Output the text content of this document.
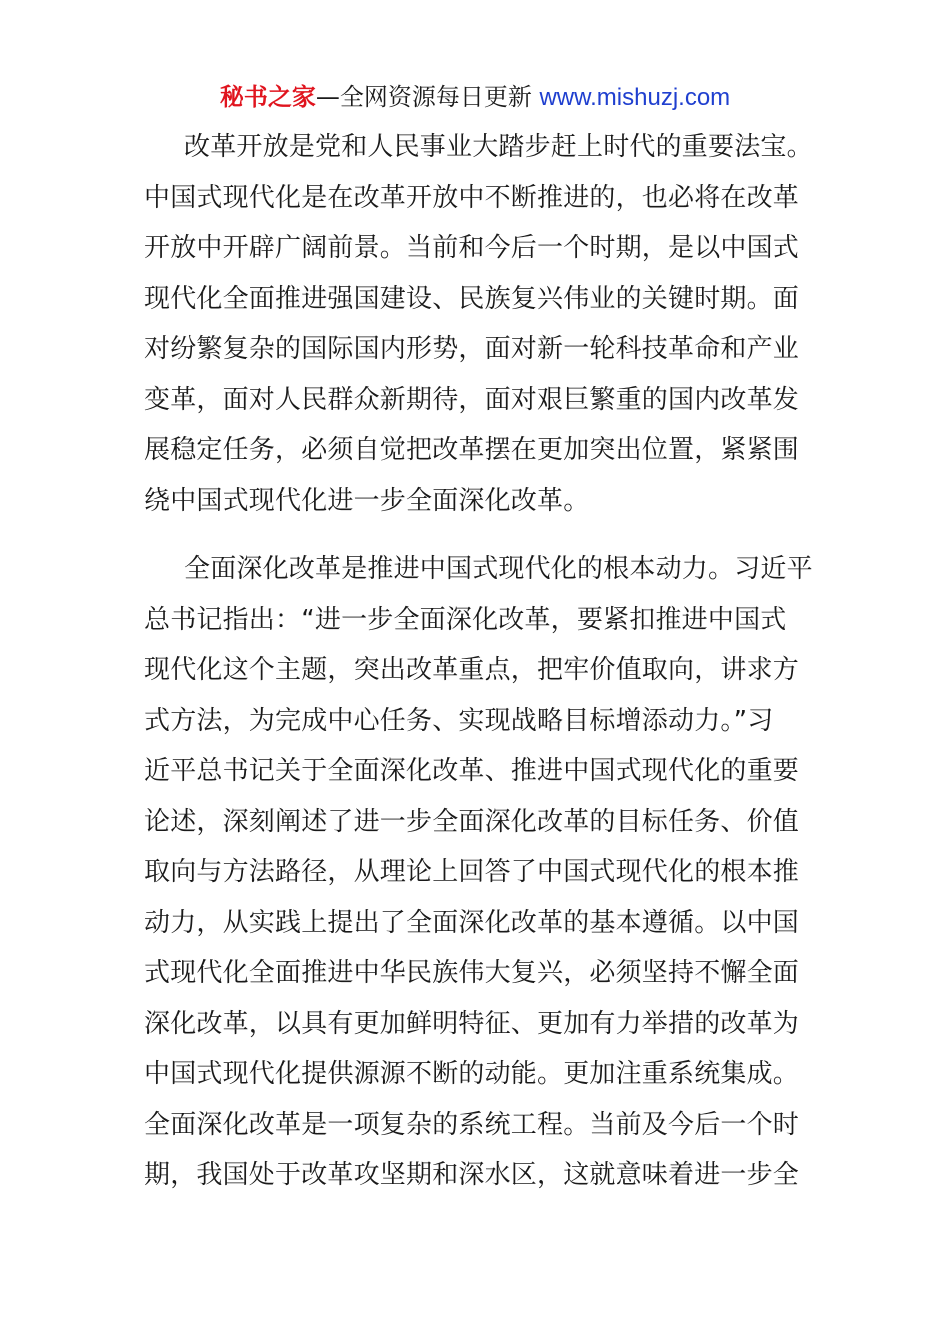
秘书之家—全网资源每日更新 www.mishuzj.com

改革开放是党和人民事业大踏步赶上时代的重要法宝。
中国式现代化是在改革开放中不断推进的，也必将在改革
开放中开辟广阔前景。当前和今后一个时期，是以中国式
现代化全面推进强国建设、民族复兴伟业的关键时期。面
对纷繁复杂的国际国内形势，面对新一轮科技革命和产业
变革，面对人民群众新期待，面对艰巨繁重的国内改革发
展稳定任务，必须自觉把改革摆在更加突出位置，紧紧围
绕中国式现代化进一步全面深化改革。

全面深化改革是推进中国式现代化的根本动力。习近平
总书记指出：“进一步全面深化改革，要紧扣推进中国式
现代化这个主题，突出改革重点，把牢价值取向，讲求方
式方法，为完成中心任务、实现战略目标增添动力。”习
近平总书记关于全面深化改革、推进中国式现代化的重要
论述，深刻阐述了进一步全面深化改革的目标任务、价值
取向与方法路径，从理论上回答了中国式现代化的根本推
动力，从实践上提出了全面深化改革的基本遵循。以中国
式现代化全面推进中华民族伟大复兴，必须坚持不懈全面
深化改革，以具有更加鲜明特征、更加有力举措的改革为
中国式现代化提供源源不断的动能。更加注重系统集成。
全面深化改革是一项复杂的系统工程。当前及今后一个时
期，我国处于改革攻坚期和深水区，这就意味着进一步全
